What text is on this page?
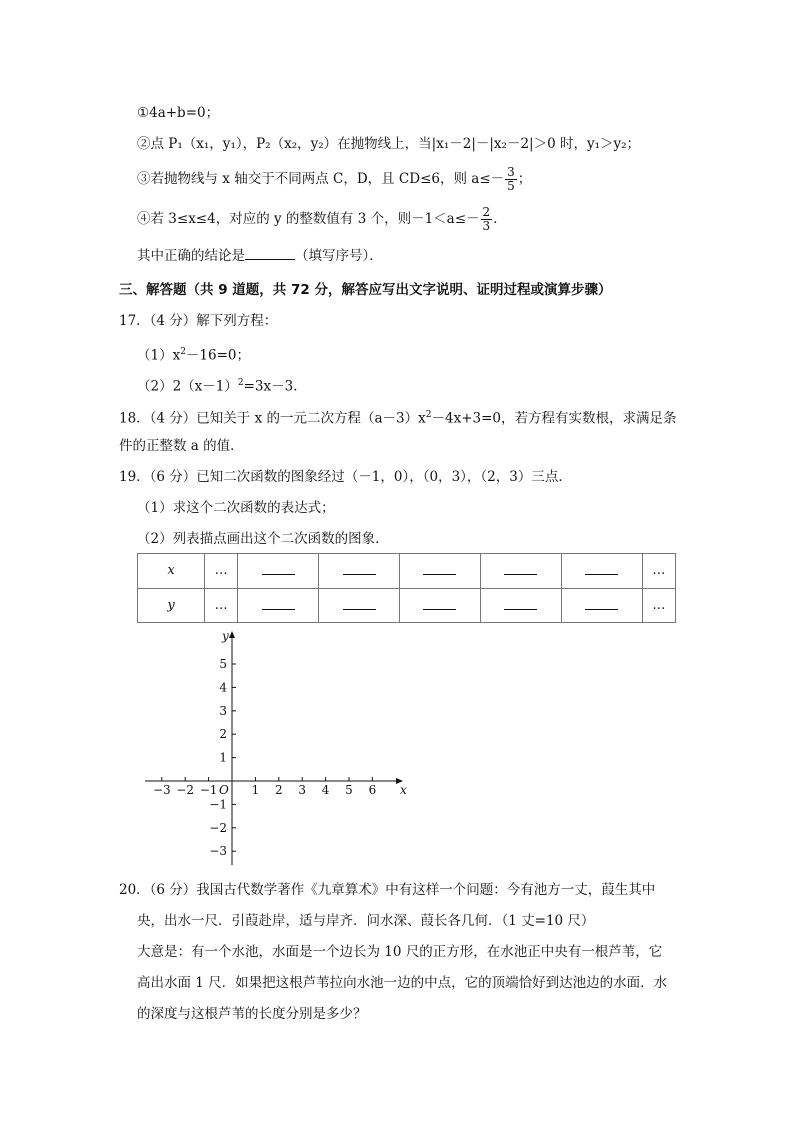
①4a+b=0；
②点 P₁（x₁，y₁），P₂（x₂，y₂）在抛物线上，当|x₁－2|－|x₂－2|＞0 时，y₁＞y₂；
③若抛物线与 x 轴交于不同两点 C，D，且 CD≤6，则 $a\le- \frac{3}{5}$ ；
④若 3≤x≤4，对应的 y 的整数值有 3 个，则$-1<a\le- \frac{2}{3}$ ．
其中正确的结论是	（填写序号）．
三、解答题（共 9 道题，共 72 分，解答应写出文字说明、证明过程或演算步骤）
17．（4 分）解下列方程：
$(1)x^2-16=0$；
$(2)2(x-1)^2=3x-3$．
18．（4 分）已知关于 x 的一元二次方程$(a-3)x^2-4x+3=0$，若方程有实数根，求满足条
件的正整数 a 的值．
19．（6 分）已知二次函数的图象经过（－1，0），（0，3），（2，3）三点．
（1）求这个二次函数的表达式；
（2）列表描点画出这个二次函数的图象．
x	…						…
y	…						…
−3 −2 −1	1 2 3 4 5 6
5
4
3
2
1
−1
−2
−3
x
y
O
20．（6 分）我国古代数学著作《九章算术》中有这样一个问题：今有池方一丈，葭生其中
央，出水一尺．引葭赴岸，适与岸齐．问水深、葭长各几何．（1 丈=10 尺）
大意是：有一个水池，水面是一个边长为 10 尺的正方形，在水池正中央有一根芦苇，它
高出水面 1 尺．如果把这根芦苇拉向水池一边的中点，它的顶端恰好到达池边的水面．水
的深度与这根芦苇的长度分别是多少？
